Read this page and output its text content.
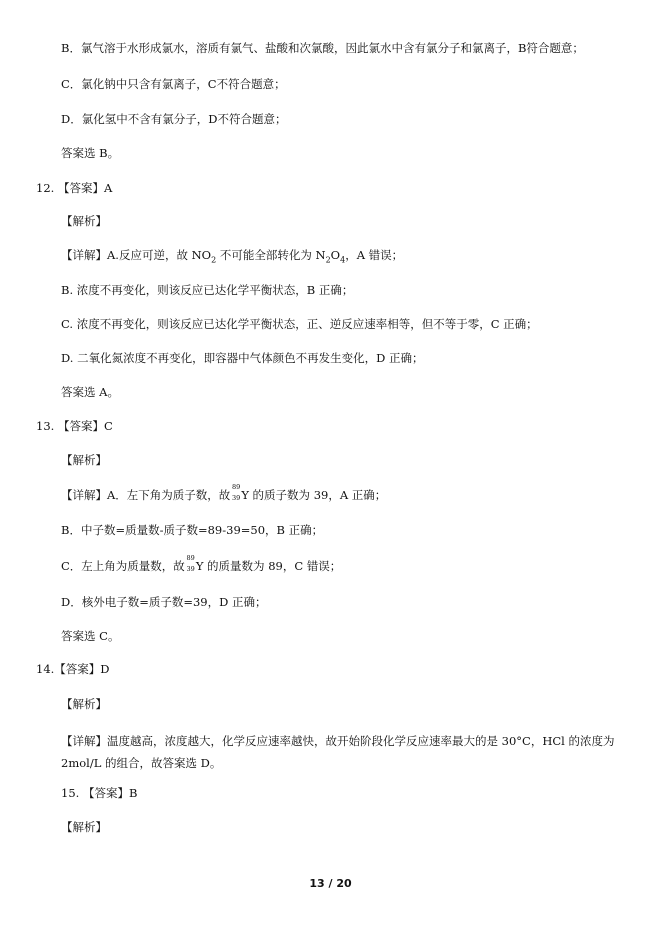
B．氯气溶于水形成氯水，溶质有氯气、盐酸和次氯酸，因此氯水中含有氯分子和氯离子，B符合题意；
C．氯化钠中只含有氯离子，C不符合题意；
D．氯化氢中不含有氯分子，D不符合题意；
答案选 B。
12. 【答案】A
【解析】
【详解】A.反应可逆，故 $NO_2$ 不可能全部转化为 $N_2O_4$，A 错误；
B. 浓度不再变化，则该反应已达化学平衡状态，B 正确；
C. 浓度不再变化，则该反应已达化学平衡状态，正、逆反应速率相等，但不等于零，C 正确；
D. 二氧化氮浓度不再变化，即容器中气体颜色不再发生变化，D 正确；
答案选 A。
13. 【答案】C
【解析】
【详解】A．左下角为质子数，故
89
39 Y 的质子数为 39，A 正确；
B．中子数=质量数-质子数=89-39=50，B 正确；
C．左上角为质量数，故
89
39 Y 的质量数为 89，C 错误；
D．核外电子数=质子数=39，D 正确；
答案选 C。
14.【答案】D
【解析】
【详解】温度越高，浓度越大，化学反应速率越快，故开始阶段化学反应速率最大的是 30°C，HCl 的浓度为 2mol/L 的组合，故答案选 D。
15. 【答案】B
【解析】
13 / 20
